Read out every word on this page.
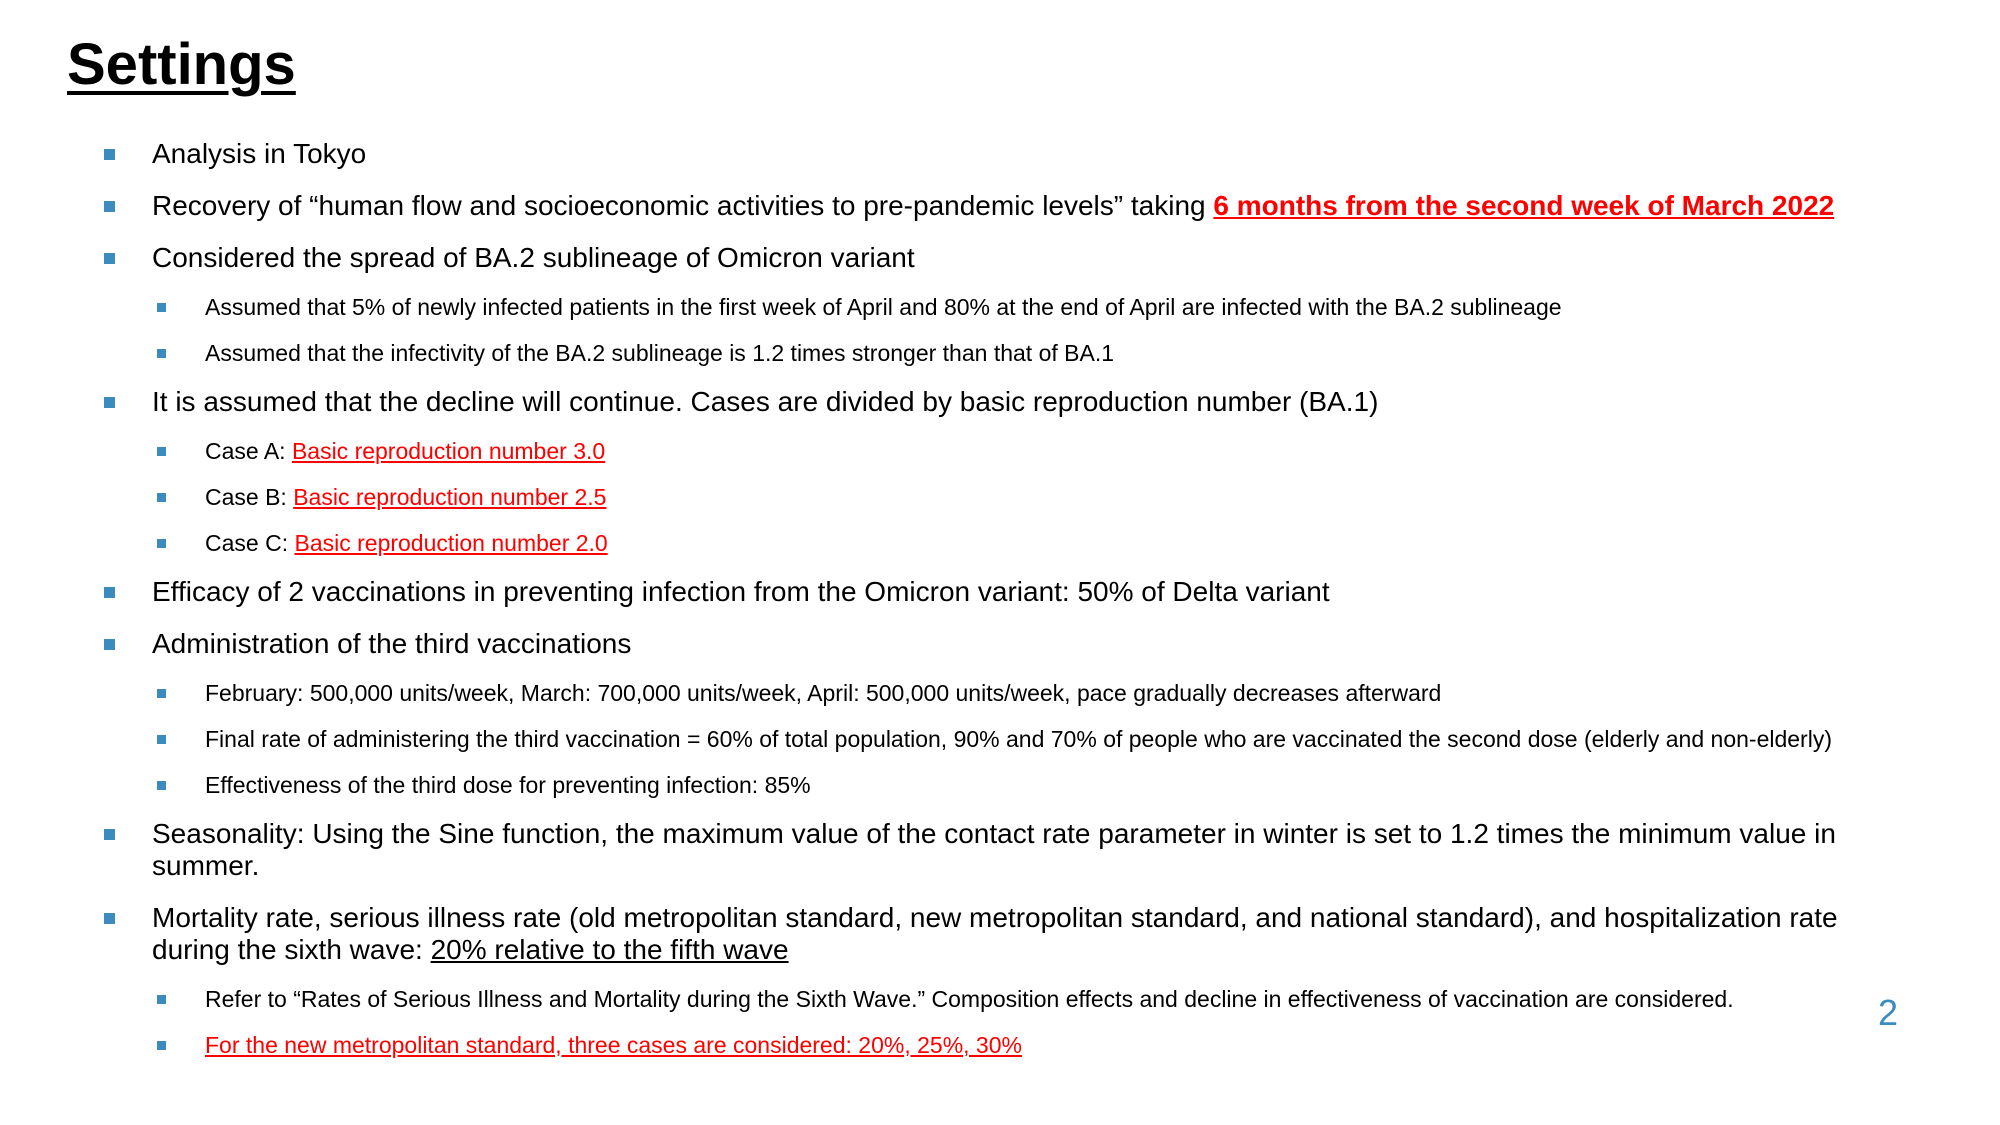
Settings
Analysis in Tokyo
Recovery of “human flow and socioeconomic activities to pre-pandemic levels” taking 6 months from the second week of March 2022
Considered the spread of BA.2 sublineage of Omicron variant
Assumed that 5% of newly infected patients in the first week of April and 80% at the end of April are infected with the BA.2 sublineage
Assumed that the infectivity of the BA.2 sublineage is 1.2 times stronger than that of BA.1
It is assumed that the decline will continue. Cases are divided by basic reproduction number (BA.1)
Case A: Basic reproduction number 3.0
Case B: Basic reproduction number 2.5
Case C: Basic reproduction number 2.0
Efficacy of 2 vaccinations in preventing infection from the Omicron variant: 50% of Delta variant
Administration of the third vaccinations
February: 500,000 units/week, March: 700,000 units/week, April: 500,000 units/week, pace gradually decreases afterward
Final rate of administering the third vaccination = 60% of total population, 90% and 70% of people who are vaccinated the second dose (elderly and non-elderly)
Effectiveness of the third dose for preventing infection: 85%
Seasonality: Using the Sine function, the maximum value of the contact rate parameter in winter is set to 1.2 times the minimum value in summer.
Mortality rate, serious illness rate (old metropolitan standard, new metropolitan standard, and national standard), and hospitalization rate during the sixth wave: 20% relative to the fifth wave
Refer to “Rates of Serious Illness and Mortality during the Sixth Wave.” Composition effects and decline in effectiveness of vaccination are considered.
For the new metropolitan standard, three cases are considered: 20%, 25%, 30%
2
